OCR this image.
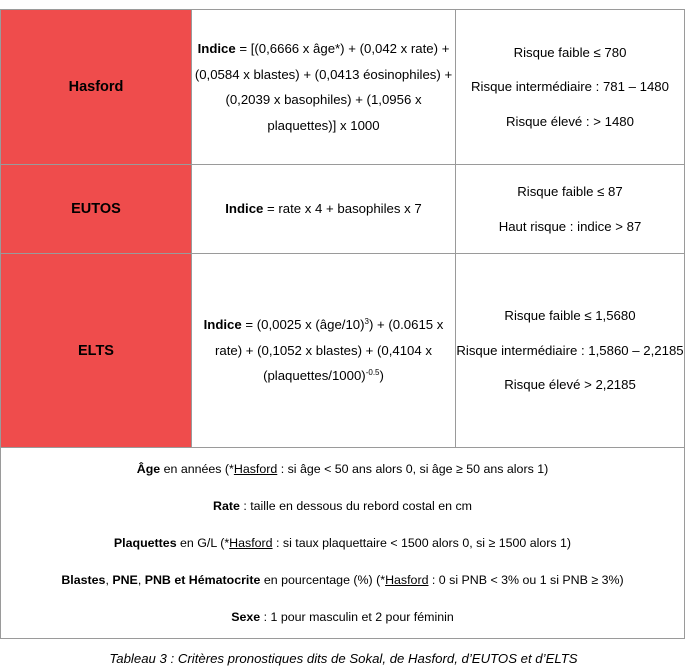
Hasford	Indice = [(0,6666 x âge*) + (0,042 x rate) + (0,0584 x blastes) + (0,0413 éosinophiles) + (0,2039 x basophiles) + (1,0956 x plaquettes)] x 1000	Risque faible ≤ 780

Risque intermédiaire : 781 – 1480

Risque élevé : > 1480

EUTOS	Indice = rate x 4 + basophiles x 7	Risque faible ≤ 87

Haut risque : indice > 87

ELTS	Indice = (0,0025 x (âge/10)$^3$) + (0.0615 x rate) + (0,1052 x blastes) + (0,4104 x (plaquettes/1000)$^{-0.5}$)	Risque faible ≤ 1,5680

Risque intermédiaire : 1,5860 – 2,2185

Risque élevé > 2,2185

Âge en années (*Hasford : si âge < 50 ans alors 0, si âge ≥ 50 ans alors 1)

Rate : taille en dessous du rebord costal en cm

Plaquettes en G/L (*Hasford : si taux plaquettaire < 1500 alors 0, si ≥ 1500 alors 1)

Blastes, PNE, PNB et Hématocrite en pourcentage (%) (*Hasford : 0 si PNB < 3% ou 1 si PNB ≥ 3%)

Sexe : 1 pour masculin et 2 pour féminin		

Tableau 3 : Critères pronostiques dits de Sokal, de Hasford, d’EUTOS et d’ELTS
